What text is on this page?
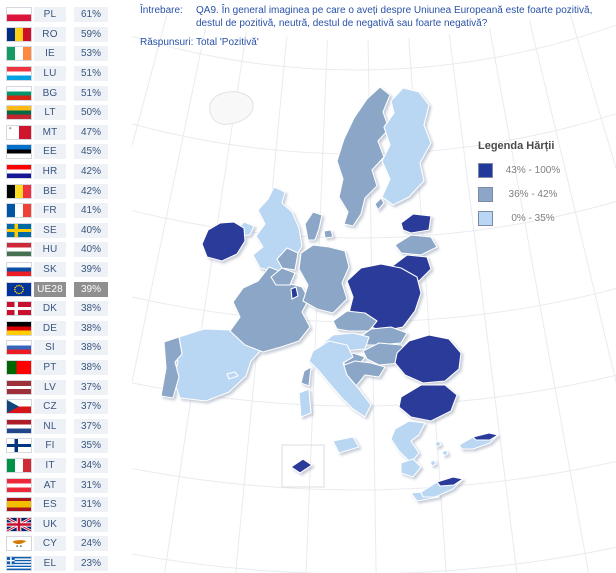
PL	61%
RO	59%
IE	53%
LU	51%
BG	51%
LT	50%
MT	47%
EE	45%
HR	42%
BE	42%
FR	41%
SE	40%
HU	40%
SK	39%
UE28	39%
DK	38%
DE	38%
SI	38%
PT	38%
LV	37%
CZ	37%
NL	37%
FI	35%
IT	34%
AT	31%
ES	31%
UK	30%
CY	24%
EL	23%
Întrebare:	QA9. În general imaginea pe care o aveți despre Uniunea Europeană este foarte pozitivă, destul de pozitivă, neutră, destul de negativă sau foarte negativă?
Răspunsuri: Total 'Pozitivă'
Legenda Hărții
43% - 100%
36% - 42%
0% - 35%
